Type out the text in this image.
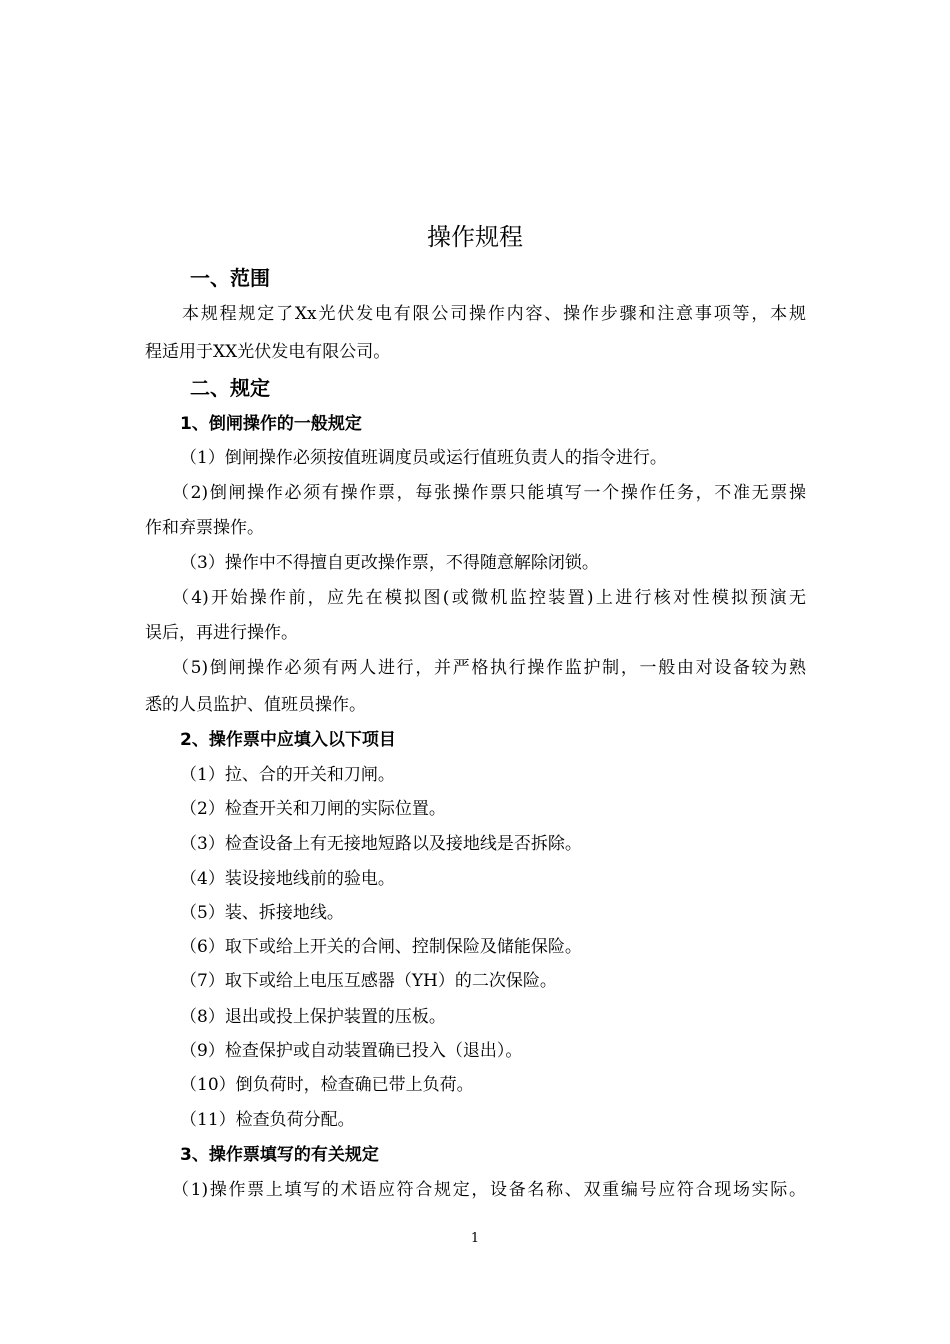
操作规程
一、范围
本规程规定了Xx光伏发电有限公司操作内容、操作步骤和注意事项等，本规
程适用于XX光伏发电有限公司。
二、规定
1、倒闸操作的一般规定
（1）倒闸操作必须按值班调度员或运行值班负责人的指令进行。
（2)倒闸操作必须有操作票，每张操作票只能填写一个操作任务，不准无票操
作和弃票操作。
（3）操作中不得擅自更改操作票，不得随意解除闭锁。
（4)开始操作前，应先在模拟图(或微机监控装置)上进行核对性模拟预演无
误后，再进行操作。
（5)倒闸操作必须有两人进行，并严格执行操作监护制，一般由对设备较为熟
悉的人员监护、值班员操作。
2、操作票中应填入以下项目
（1）拉、合的开关和刀闸。
（2）检查开关和刀闸的实际位置。
（3）检查设备上有无接地短路以及接地线是否拆除。
（4）装设接地线前的验电。
（5）装、拆接地线。
（6）取下或给上开关的合闸、控制保险及储能保险。
（7）取下或给上电压互感器（YH）的二次保险。
（8）退出或投上保护装置的压板。
（9）检查保护或自动装置确已投入（退出）。
（10）倒负荷时，检查确已带上负荷。
（11）检查负荷分配。
3、操作票填写的有关规定
（1)操作票上填写的术语应符合规定，设备名称、双重编号应符合现场实际。
1
